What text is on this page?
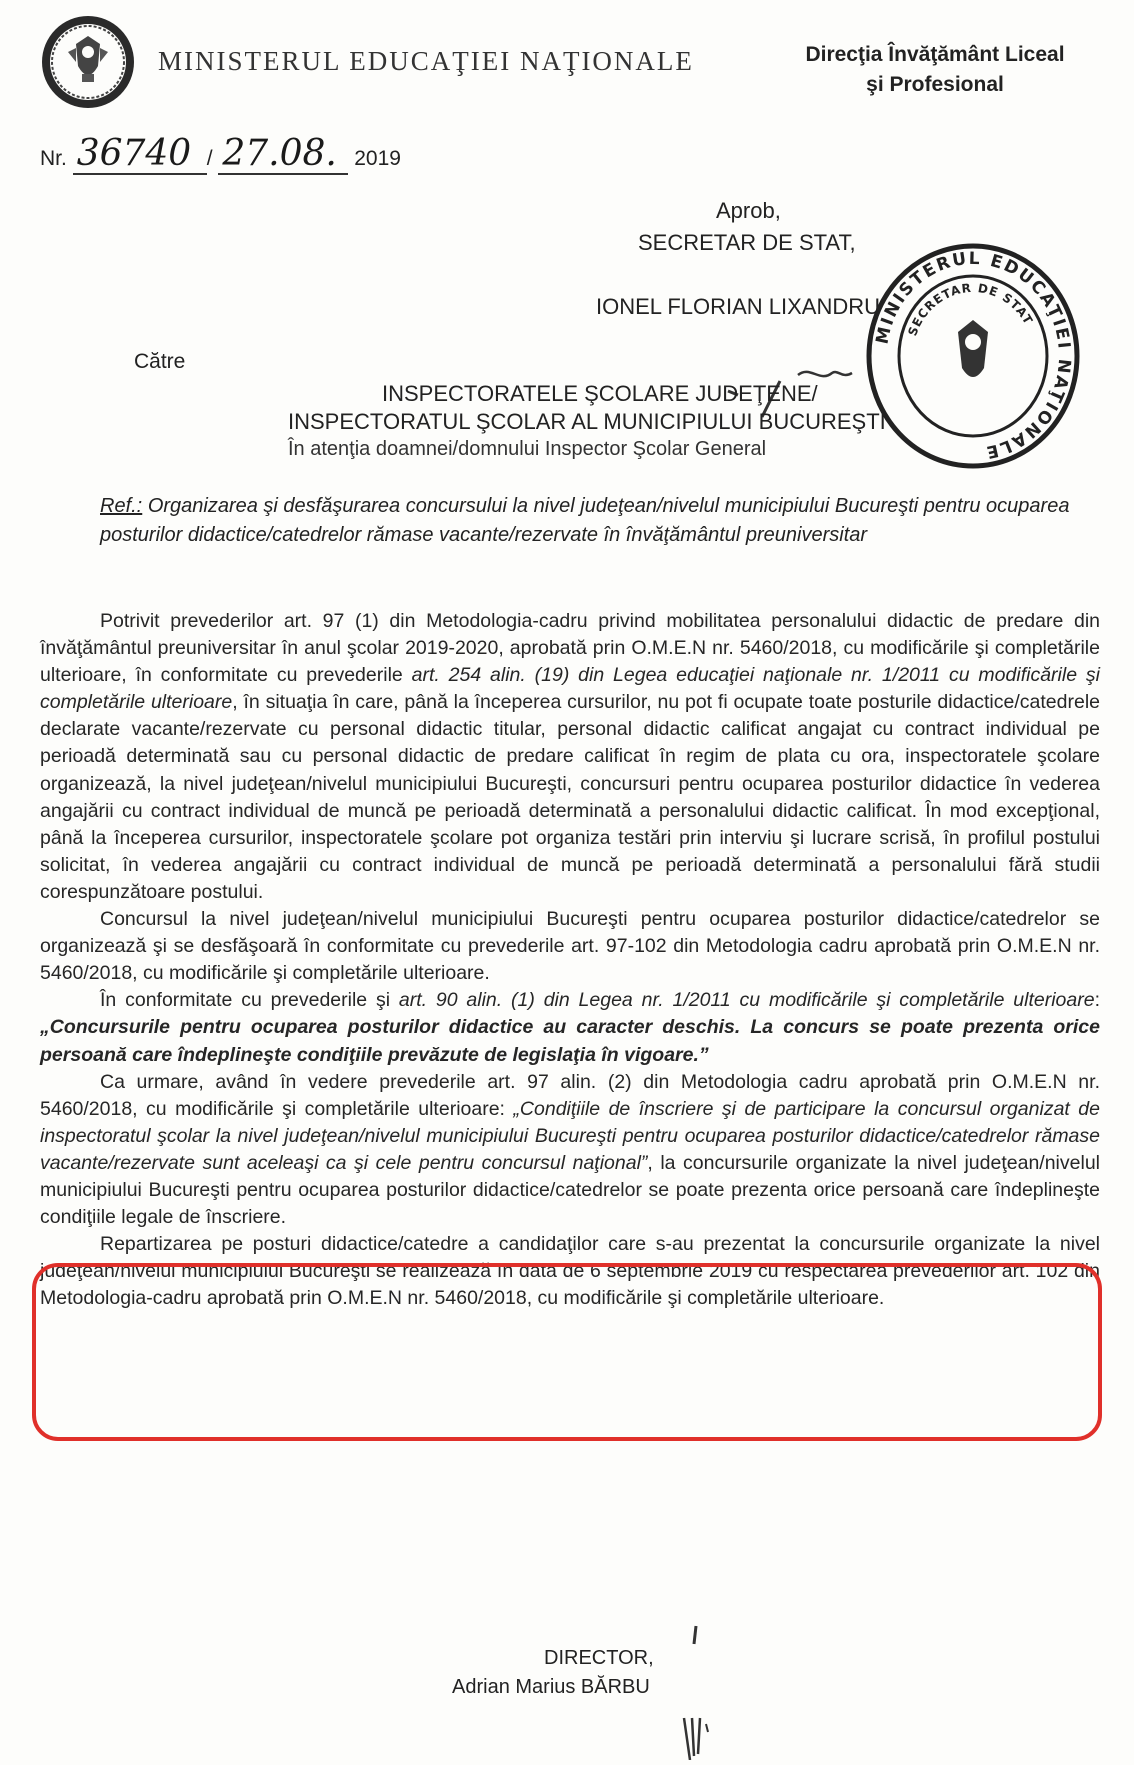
MINISTERUL EDUCAŢIEI NAŢIONALE	Direcţia Învăţământ Liceal
şi Profesional
Nr. 36740 / 27.08. 2019
Aprob,
SECRETAR DE STAT,
IONEL FLORIAN LIXANDRU
MINISTERUL EDUCAŢIEI NAŢIONALE
SECRETAR DE STAT
Către
INSPECTORATELE ŞCOLARE JUDEŢENE/
INSPECTORATUL ŞCOLAR AL MUNICIPIULUI BUCUREŞTI
În atenţia doamnei/domnului Inspector Şcolar General
Ref.: Organizarea şi desfăşurarea concursului la nivel judeţean/nivelul municipiului Bucureşti pentru ocuparea posturilor didactice/catedrelor rămase vacante/rezervate în învăţământul preuniversitar

Potrivit prevederilor art. 97 (1) din Metodologia-cadru privind mobilitatea personalului didactic de predare din învăţământul preuniversitar în anul şcolar 2019-2020, aprobată prin O.M.E.N nr. 5460/2018, cu modificările şi completările ulterioare, în conformitate cu prevederile art. 254 alin. (19) din Legea educaţiei naţionale nr. 1/2011 cu modificările şi completările ulterioare, în situaţia în care, până la începerea cursurilor, nu pot fi ocupate toate posturile didactice/catedrele declarate vacante/rezervate cu personal didactic titular, personal didactic calificat angajat cu contract individual pe perioadă determinată sau cu personal didactic de predare calificat în regim de plata cu ora, inspectoratele şcolare organizează, la nivel judeţean/nivelul municipiului Bucureşti, concursuri pentru ocuparea posturilor didactice în vederea angajării cu contract individual de muncă pe perioadă determinată a personalului didactic calificat. În mod excepţional, până la începerea cursurilor, inspectoratele şcolare pot organiza testări prin interviu şi lucrare scrisă, în profilul postului solicitat, în vederea angajării cu contract individual de muncă pe perioadă determinată a personalului fără studii corespunzătoare postului.

Concursul la nivel judeţean/nivelul municipiului Bucureşti pentru ocuparea posturilor didactice/catedrelor se organizează şi se desfăşoară în conformitate cu prevederile art. 97-102 din Metodologia cadru aprobată prin O.M.E.N nr. 5460/2018, cu modificările şi completările ulterioare.

În conformitate cu prevederile şi art. 90 alin. (1) din Legea nr. 1/2011 cu modificările şi completările ulterioare: „Concursurile pentru ocuparea posturilor didactice au caracter deschis. La concurs se poate prezenta orice persoană care îndeplineşte condiţiile prevăzute de legislaţia în vigoare.”

Ca urmare, având în vedere prevederile art. 97 alin. (2) din Metodologia cadru aprobată prin O.M.E.N nr. 5460/2018, cu modificările şi completările ulterioare: „Condiţiile de înscriere şi de participare la concursul organizat de inspectoratul şcolar la nivel judeţean/nivelul municipiului Bucureşti pentru ocuparea posturilor didactice/catedrelor rămase vacante/rezervate sunt aceleaşi ca şi cele pentru concursul naţional”, la concursurile organizate la nivel judeţean/nivelul municipiului Bucureşti pentru ocuparea posturilor didactice/catedrelor se poate prezenta orice persoană care îndeplineşte condiţiile legale de înscriere.

Repartizarea pe posturi didactice/catedre a candidaţilor care s-au prezentat la concursurile organizate la nivel judeţean/nivelul municipiului Bucureşti se realizează în data de 6 septembrie 2019 cu respectarea prevederilor art. 102 din Metodologia-cadru aprobată prin O.M.E.N nr. 5460/2018, cu modificările şi completările ulterioare.

DIRECTOR,
Adrian Marius BĂRBU
